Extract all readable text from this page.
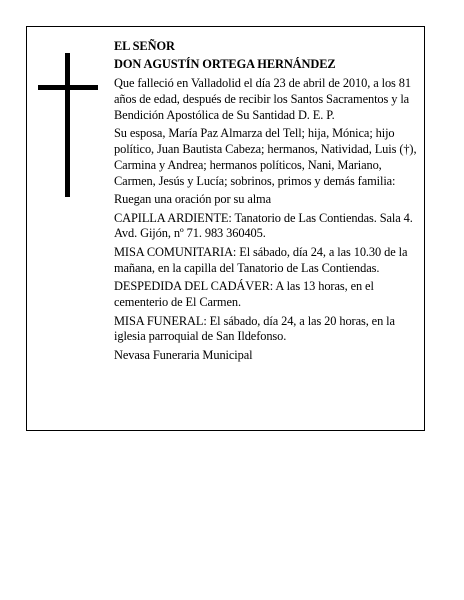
EL SEÑOR

DON AGUSTÍN ORTEGA HERNÁNDEZ

Que falleció en Valladolid el día 23 de abril de 2010, a los 81 años de edad, después de recibir los Santos Sacramentos y la Bendición Apostólica de Su Santidad D. E. P.

Su esposa, María Paz Almarza del Tell; hija, Mónica; hijo político, Juan Bautista Cabeza; hermanos, Natividad, Luis (†), Carmina y Andrea; hermanos políticos, Nani, Mariano, Carmen, Jesús y Lucía; sobrinos, primos y demás familia:

Ruegan una oración por su alma

CAPILLA ARDIENTE: Tanatorio de Las Contiendas. Sala 4. Avd. Gijón, nº 71. 983 360405.

MISA COMUNITARIA: El sábado, día 24, a las 10.30 de la mañana, en la capilla del Tanatorio de Las Contiendas.

DESPEDIDA DEL CADÁVER: A las 13 horas, en el cementerio de El Carmen.

MISA FUNERAL: El sábado, día 24, a las 20 horas, en la iglesia parroquial de San Ildefonso.

Nevasa Funeraria Municipal
